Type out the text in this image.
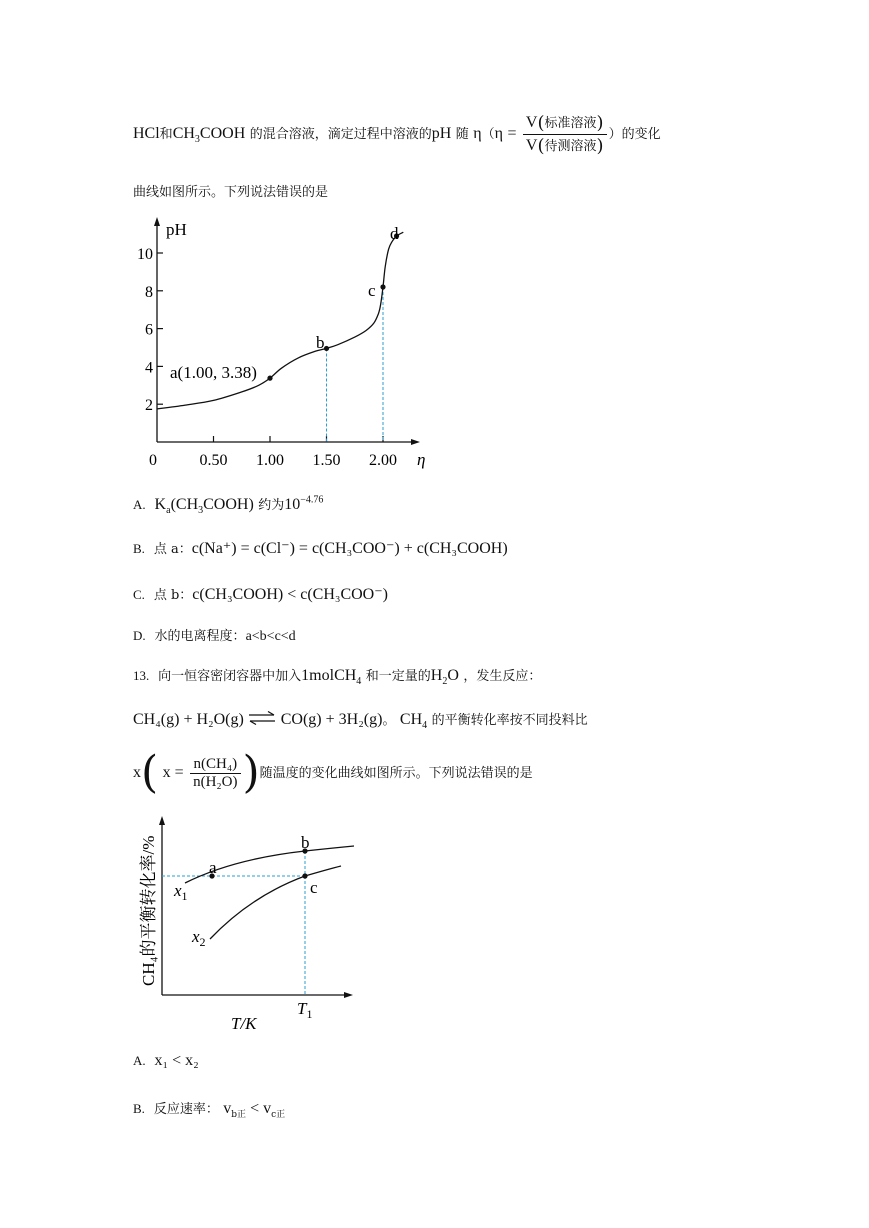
HCl和$CH_3COOH$ 的混合溶液，滴定过程中溶液的pH 随 $\eta(\eta = \frac{\text{V(标准溶液)}}{\text{V(待测溶液)}}$ ）的变化
曲线如图所示。下列说法错误的是
pH
η
0
2
4
6
8
10
0.50 1.00 1.50 2.00
a(1.00, 3.38)
b
c
d
A. $K_a(CH_3COOH)$ 约为$10^{-4.76}$
B. 点 a：c(Na⁺) = c(Cl⁻) = c(CH₃COO⁻) + c(CH₃COOH)
C. 点 b：c(CH₃COOH) < c(CH₃COO⁻)
D. 水的电离程度：a<b<c<d
13. 向一恒容密闭容器中加入1molCH$_4$ 和一定量的$H_2O$ ，发生反应：
CH₄(g) + H₂O(g) ⇌ CO(g) + 3H₂(g)。 $CH_4$ 的平衡转化率按不同投料比
x( $x = \frac{\text{n(CH₄)}}{\text{n(H₂O)}}$ )随温度的变化曲线如图所示。下列说法错误的是
CH₄的平衡转化率/%
T/K
a
b
c
$x_1$
$x_2$
$T_1$
A. x₁ < x₂
B. 反应速率： $v_{b正} < v_{c正}$
